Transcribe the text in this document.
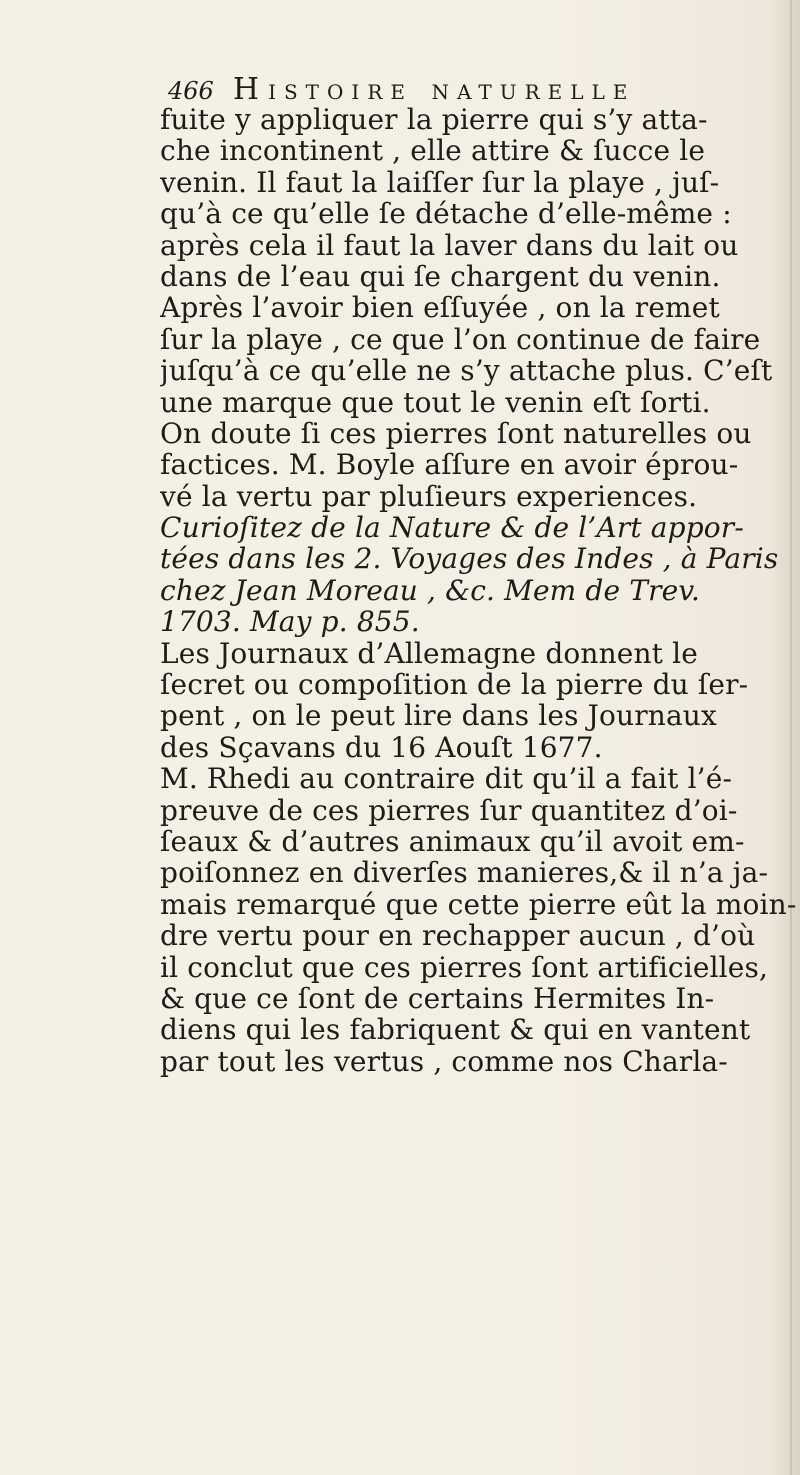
466 HISTOIRE NATURELLE
fuite y appliquer la pierre qui s’y atta-
che incontinent , elle attire & ſucce le
venin. Il faut la laiſſer ſur la playe , juſ-
qu’à ce qu’elle ſe détache d’elle-même :
après cela il faut la laver dans du lait ou
dans de l’eau qui ſe chargent du venin.
Après l’avoir bien eſſuyée , on la remet
ſur la playe , ce que l’on continue de faire
juſqu’à ce qu’elle ne s’y attache plus. C’eſt
une marque que tout le venin eſt ſorti.
On doute ſi ces pierres ſont naturelles ou
factices. M. Boyle aſſure en avoir éprou-
vé la vertu par pluſieurs experiences.
Curioſitez de la Nature & de l’Art appor-
tées dans les 2. Voyages des Indes , à Paris
chez Jean Moreau , &c. Mem de Trev.
1703. May p. 855.
Les Journaux d’Allemagne donnent le
ſecret ou compoſition de la pierre du ſer-
pent , on le peut lire dans les Journaux
des Sçavans du 16 Aouſt 1677.
M. Rhedi au contraire dit qu’il a fait l’é-
preuve de ces pierres ſur quantitez d’oi-
ſeaux & d’autres animaux qu’il avoit em-
poiſonnez en diverſes manieres,& il n’a ja-
mais remarqué que cette pierre eût la moin-
dre vertu pour en rechapper aucun , d’où
il conclut que ces pierres ſont artificielles,
& que ce ſont de certains Hermites In-
diens qui les fabriquent & qui en vantent
par tout les vertus , comme nos Charla-
